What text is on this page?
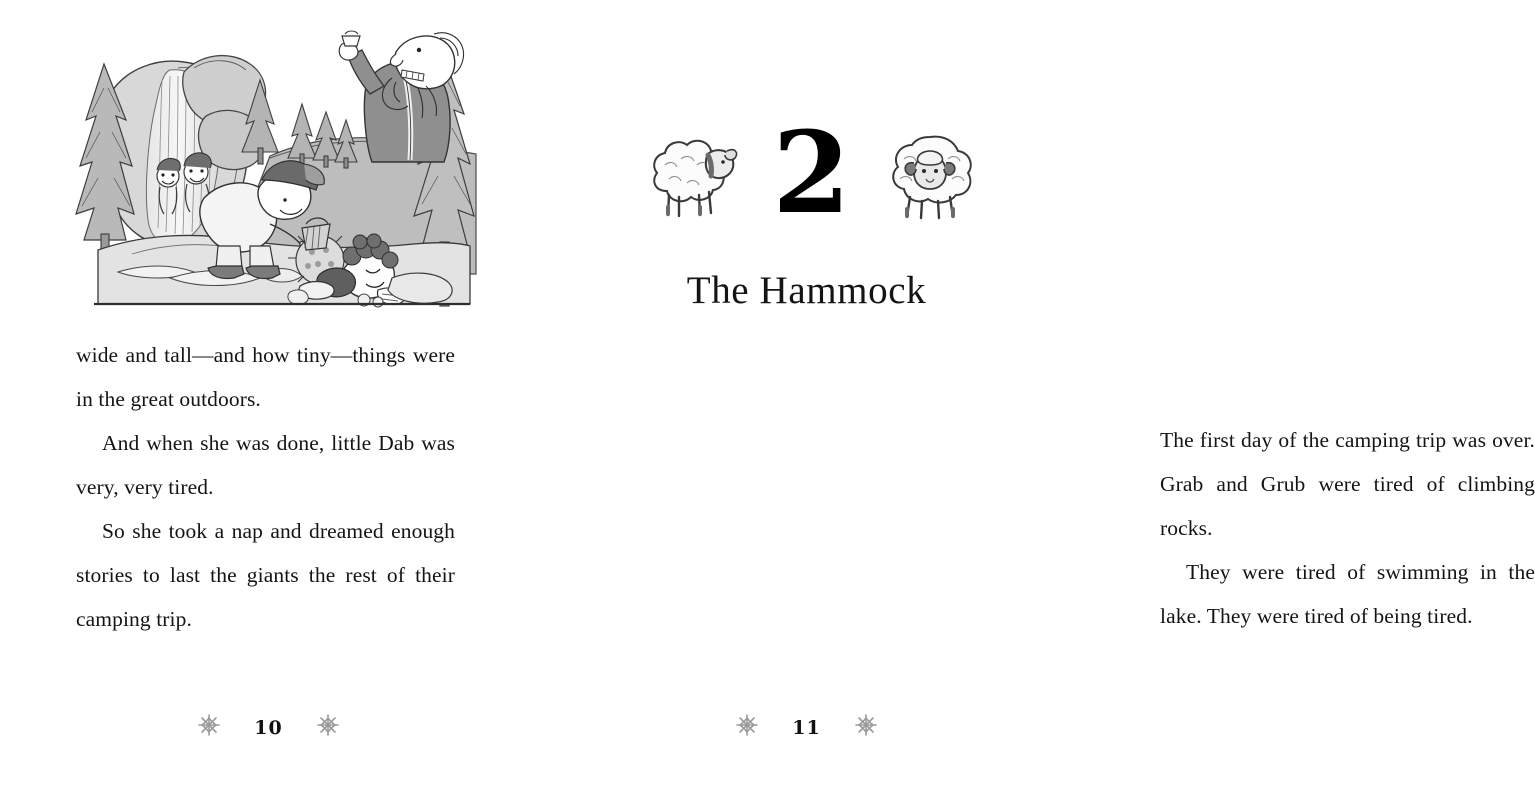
wide and tall—and how tiny—things were in the great outdoors.

And when she was done, little Dab was very, very tired.

So she took a nap and dreamed enough stories to last the giants the rest of their camping trip.

10
2
The Hammock

The first day of the camping trip was over. Grab and Grub were tired of climbing rocks.

They were tired of swimming in the lake. They were tired of being tired.

11
